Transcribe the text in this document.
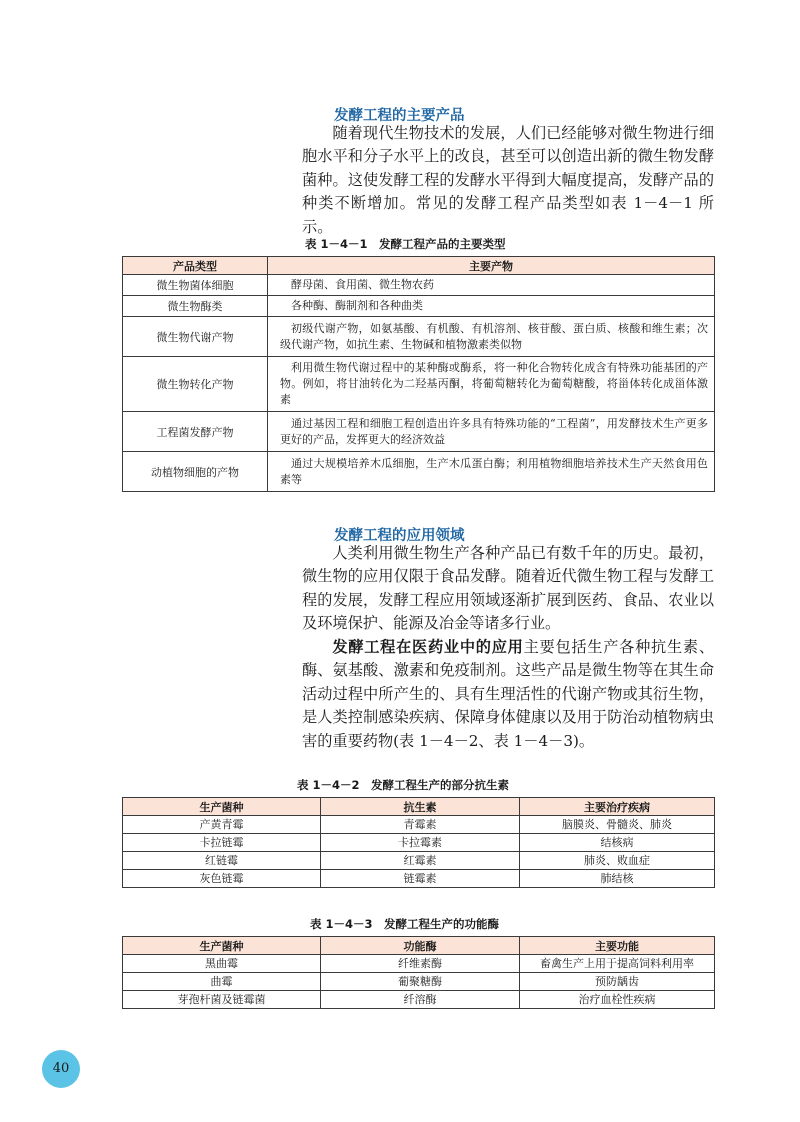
发酵工程的主要产品

随着现代生物技术的发展，人们已经能够对微生物进行细胞水平和分子水平上的改良，甚至可以创造出新的微生物发酵菌种。这使发酵工程的发酵水平得到大幅度提高，发酵产品的种类不断增加。常见的发酵工程产品类型如表 1－4－1 所示。

表 1－4－1　发酵工程产品的主要类型
产品类型	主要产物
微生物菌体细胞	酵母菌、食用菌、微生物农药

微生物酶类	各种酶、酶制剂和各种曲类

微生物代谢产物	初级代谢产物，如氨基酸、有机酸、有机溶剂、核苷酸、蛋白质、核酸和维生素；次级代谢产物，如抗生素、生物碱和植物激素类似物

微生物转化产物	利用微生物代谢过程中的某种酶或酶系，将一种化合物转化成含有特殊功能基团的产物。例如，将甘油转化为二羟基丙酮，将葡萄糖转化为葡萄糖酸，将甾体转化成甾体激素

工程菌发酵产物	通过基因工程和细胞工程创造出许多具有特殊功能的“工程菌”，用发酵技术生产更多更好的产品，发挥更大的经济效益

动植物细胞的产物	通过大规模培养木瓜细胞，生产木瓜蛋白酶；利用植物细胞培养技术生产天然食用色素等
发酵工程的应用领域

人类利用微生物生产各种产品已有数千年的历史。最初，微生物的应用仅限于食品发酵。随着近代微生物工程与发酵工程的发展，发酵工程应用领域逐渐扩展到医药、食品、农业以及环境保护、能源及冶金等诸多行业。

发酵工程在医药业中的应用主要包括生产各种抗生素、酶、氨基酸、激素和免疫制剂。这些产品是微生物等在其生命活动过程中所产生的、具有生理活性的代谢产物或其衍生物，是人类控制感染疾病、保障身体健康以及用于防治动植物病虫害的重要药物(表 1－4－2、表 1－4－3)。

表 1－4－2　发酵工程生产的部分抗生素
生产菌种	抗生素	主要治疗疾病
产黄青霉	青霉素	脑膜炎、骨髓炎、肺炎
卡拉链霉	卡拉霉素	结核病
红链霉	红霉素	肺炎、败血症
灰色链霉	链霉素	肺结核
表 1－4－3　发酵工程生产的功能酶
生产菌种	功能酶	主要功能
黑曲霉	纤维素酶	畜禽生产上用于提高饲料利用率
曲霉	葡聚糖酶	预防龋齿
芽孢杆菌及链霉菌	纤溶酶	治疗血栓性疾病
40
